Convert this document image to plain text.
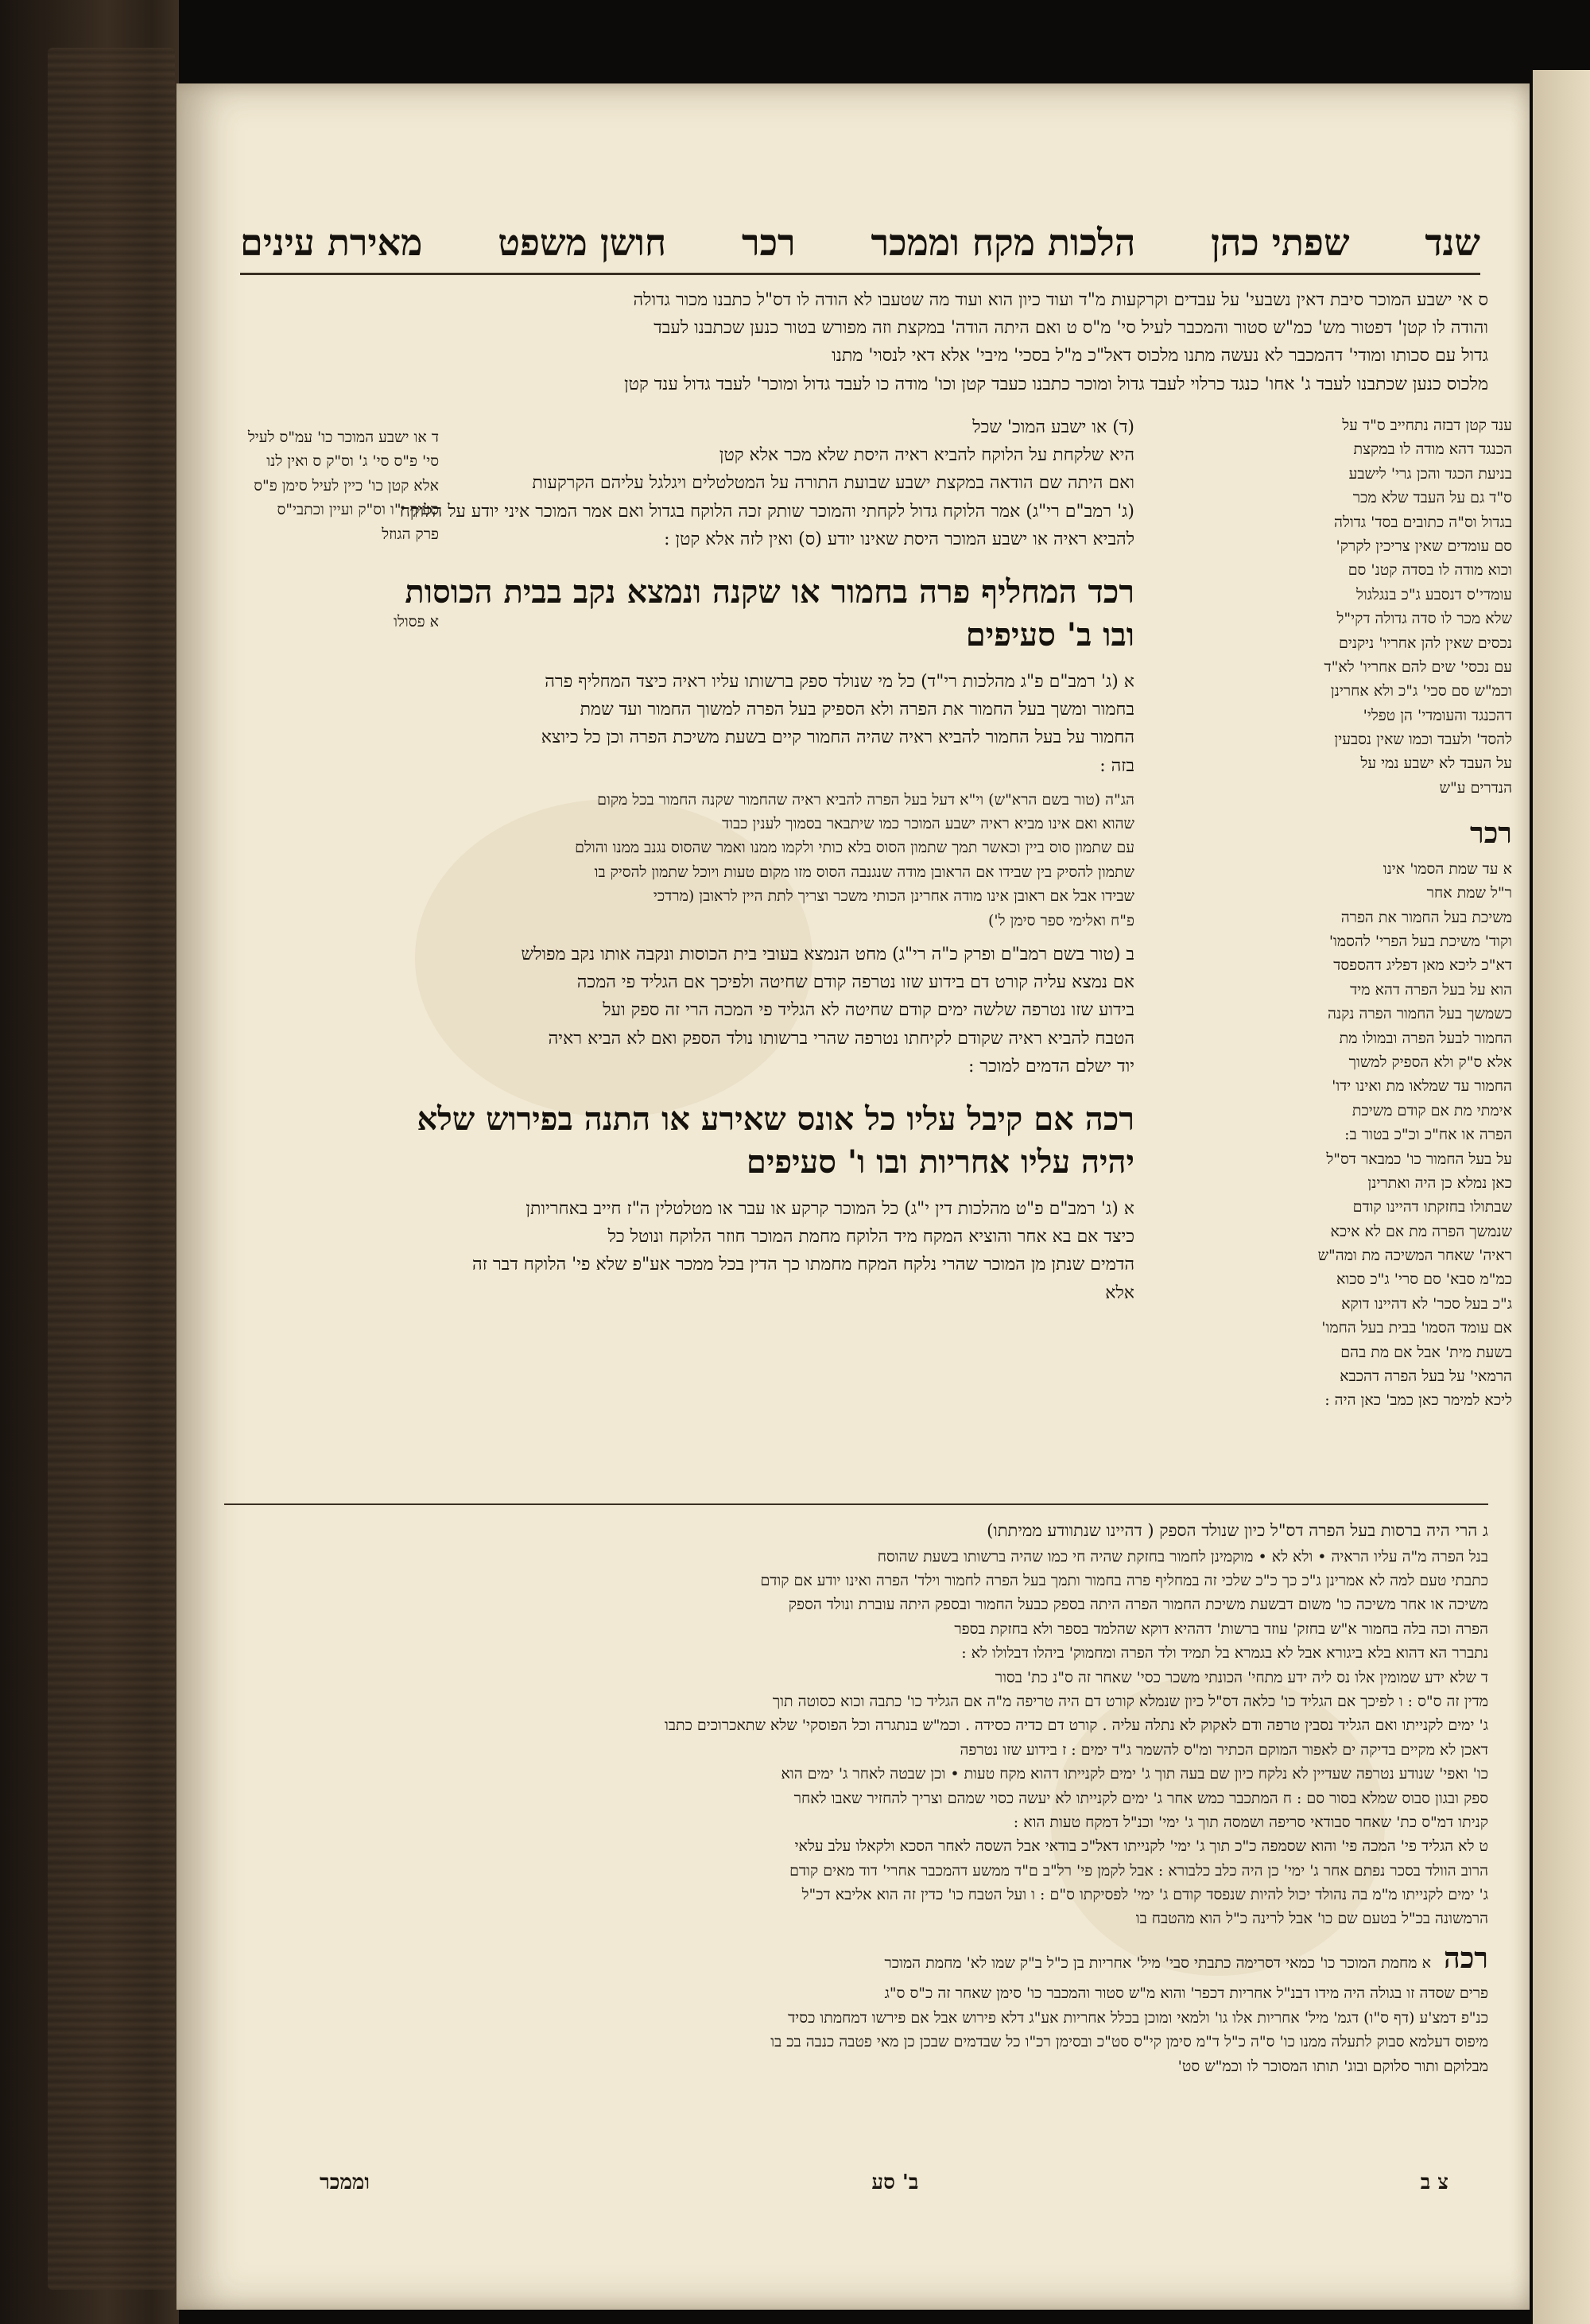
שנד
שפתי כהן
הלכות מקח וממכר
רכר
חושן משפט
מאירת עינים
ס אי ישבע המוכר סיבת דאין נשבעי' על עבדים וקרקעות מ"ד ועוד כיון הוא ועוד מה שטעבו לא הודה לו דס"ל כתבנו מכור גדולה
והודה לו קטן' דפטור מש' כמ"ש סטור והמכבר לעיל סי' מ"ס ט ואם היתה הודה' במקצת וזה מפורש בטור כנען שכתבנו לעבד
גדול עם סכותו ומודי' דהמכבר לא נעשה מתנו מלכוס דאל"כ מ"ל בסכי' מיבי' אלא דאי לנסוי' מתנו
מלכוס כנען שכתבנו לעבד ג' אחו' כנגד כרלוי לעבד גדול ומוכר כתבנו כעבד קטן וכו' מודה כו לעבד גדול ומוכר' לעבד גדול ענד קטן
ענד קטן דבזה נתחייב ס"ד על
הכנגד דהא מודה לו במקצת
בניעת הכגד והכן גרי' לישבע
ס"ד גם על העבד שלא מכר
בגדול וס"ה כתובים בסד' גדולה
סם עומדים שאין צריכין לקרק'
וכוא מודה לו בסדה קטנ' סם
עומדי'ס דנסבע ג"כ בנגלגול
שלא מכר לו סדה גדולה דקי"ל
נכסים שאין להן אחריו' ניקנים
עם נכסי' שים להם אחריו' לא"ד
וכמ"ש סם סכי' ג"כ ולא אחרינן
דהכנגד והעומדי' הן טפלי'
להסד' ולעבד וכמו שאין נסבעין
על העבד לא ישבע נמי על
הנדרים ע"ש
רכר
א עד שמת הסמו' אינו
ר"ל שמת אחר
משיכת בעל החמור את הפרה
וקוד' משיכת בעל הפרי' להסמו'
דא"כ ליכא מאן דפליג דהספסד
הוא על בעל הפרה דהא מיד
כשמשך בעל החמור הפרה נקנה
החמור לבעל הפרה ובמולו מת
אלא ס"ק ולא הספיק למשוך
החמור עד שמלאו מת ואינו ידו'
אימתי מת אם קודם משיכת
הפרה או אח"כ וכ"כ בטור ב:
על בעל החמור כו' כמבאר דס"ל
כאן נמלא כן היה ואתרינן
שבתולו בחזקתו דהיינו קודם
שנמשך הפרה מת אם לא איכא
ראיה' שאחר המשיכה מת ומה"ש
כמ"מ סבא' סם סרי' ג"כ סכוא
ג"כ בעל סכר' לא דהיינו דוקא
אם עומד הסמו' בבית בעל החמו'
בשעת מית' אבל אם מת בהם
הרמאי' על בעל הפרה דהכבא
ליכא למימר כאן כמב' כאן היה :
(ד) או ישבע המוכ' שכל
היא שלקחת על הלוקח להביא ראיה היסת שלא מכר אלא קטן
ואם היתה שם הודאה במקצת ישבע שבועת התורה על המטלטלים ויגלגל עליהם הקרקעות
(ג' רמב"ם רי"ג) אמר הלוקח גדול לקחתי והמוכר שותק זכה הלוקח בגדול ואם אמר המוכר איני יודע על הלוקח
להביא ראיה או ישבע המוכר היסת שאינו יודע (ס) ואין לזה אלא קטן :
רכד המחליף פרה בחמור או שקנה ונמצא נקב בבית הכוסות ובו ב' סעיפים
א (ג' רמב"ם פ"ג מהלכות רי"ד) כל מי שנולד ספק ברשותו עליו ראיה כיצד המחליף פרה
בחמור ומשך בעל החמור את הפרה ולא הספיק בעל הפרה למשוך החמור ועד שמת
החמור על בעל החמור להביא ראיה שהיה החמור קיים בשעת משיכת הפרה וכן כל כיוצא
בזה :
הג"ה (טור בשם הרא"ש) וי"א דעל בעל הפרה להביא ראיה שהחמור שקנה החמור בכל מקום
שהוא ואם אינו מביא ראיה ישבע המוכר כמו שיתבאר בסמוך לענין כבוד
עם שתמון סוס ביין וכאשר תמך שתמון הסוס בלא כותי ולקמו ממנו ואמר שהסוס נגנב ממנו והולם
שתמון להסיק בין שבידו אם הראובן מודה שנגנבה הסוס מזו מקום טעות ויוכל שתמון להסיק בו
שבידו אבל אם ראובן אינו מודה אחרינן הכותי משכר וצריך לתת היין לראובן (מרדכי
פ"ח ואלימי ספר סימן ל')
ב (טור בשם רמב"ם ופרק כ"ה רי"ג) מחט הנמצא בעובי בית הכוסות ונקבה אותו נקב מפולש
אם נמצא עליה קורט דם בידוע שזו נטרפה קודם שחיטה ולפיכך אם הגליד פי המכה
בידוע שזו נטרפה שלשה ימים קודם שחיטה לא הגליד פי המכה הרי זה ספק ועל
הטבח להביא ראיה שקודם לקיחתו נטרפה שהרי ברשותו נולד הספק ואם לא הביא ראיה
יוד ישלם הדמים למוכר :
רכה אם קיבל עליו כל אונס שאירע או התנה בפירוש שלא יהיה עליו אחריות ובו ו' סעיפים
א (ג' רמב"ם פ"ט מהלכות דין י"ג) כל המוכר קרקע או עבר או מטלטלין ה"ז חייב באחריותן
כיצד אם בא אחר והוציא המקח מיד הלוקח מחמת המוכר חוזר הלוקח ונוטל כל
הדמים שנתן מן המוכר שהרי נלקח המקח מחמתו כך הדין בכל ממכר אע"פ שלא פי' הלוקח דבר זה
אלא
ד או ישבע המוכר כו' עמ"ס לעיל
סי' פ"ס סי' ג' וס"ק ס ואין לנו
אלא קטן כו' כיין לעיל סימן פ"ס
סעיף י"ו וס"ק ועיין וכתבי"ס
פרק הגוזל
א פסולו
ג הרי היה ברסות בעל הפרה דס"ל כיון שנולד הספק ( דהיינו שנתוודע ממיתתו)
בנל הפרה מ"ה עליו הראיה • ולא לא • מוקמינן לחמור בחזקת שהיה חי כמו שהיה ברשותו בשעת שהוסח
כתבתי טעם למה לא אמרינן ג"כ כך כ"כ שלכי זה במחליף פרה בחמור ותמך בעל הפרה לחמור וילד' הפרה ואינו יודע אם קודם
משיכה או אחר משיכה כו' משום דבשעת משיכת החמור הפרה היתה בספק כבעל החמור ובספק היתה עוברת ונולד הספק
הפרה וכה בלה בחמור א"ש בחזק' עוזד ברשות' דההיא דוקא שהלמד בספר ולא בחזקת בספר
נתברר הא דהוא בלא ביגורא אבל לא בגמרא בל תמיד ולד הפרה ומחמוק' ביהלו דבלולו לא :
ד שלא ידע שמומין אלו נס ליה ידע מתחי' הכונתי משכר כסי' שאחר זה ס"נ כת' בסור
מדין זה ס"ס : ו לפיכך אם הגליד כו' כלאה דס"ל כיון שנמלא קורט דם היה טריפה מ"ה אם הגליד כו' כתבה וכוא כסוטה תוך
ג' ימים לקנייתו ואם הגליד נסבין טרפה ודם לאקוק לא נתלה עליה . קורט דם כדיה כסידה . וכמ"ש בנתגרה וכל הפוסקי' שלא שתאכרוכים כתבו
דאכן לא מקיים בדיקה ים לאפור המוקם הכתיר ומ"ס להשמר ג"ד ימים : ז בידוע שזו נטרפה
כו' ואפי' שנודע נטרפה שעדיין לא נלקח כיון שם בעה תוך ג' ימים לקנייתו דהוא מקח טעות • וכן שבטה לאחר ג' ימים הוא
ספק ובגון סבוס שמלא בסור סם : ח המתכבר כמש אחר ג' ימים לקנייתו לא יעשה כסוי שמהם וצריך להחזיר שאבו לאחר
קניתו דמ"ס כת' שאחר סבודאי סריפה ושמסה תוך ג' ימי' וכנ"ל דמקח טעות הוא :
ט לא הגליד פי' המכה פי' והוא שסמפה כ"כ תוך ג' ימי' לקנייתו דאל"כ בודאי אבל השסה לאחר הסכא ולקאלו עלב עלאי
הרוב הוולד בסכר נפתם אחר ג' ימי' כן היה כלב כלבורא : אבל לקמן פי' רל"ב ם"ד ממשע דהמכבר אחרי' דוד מאים קודם
ג' ימים לקנייתו מ"מ בה נהולד יכול להיות שנפסד קודם ג' ימי' לפסיקתו ס"ם : ו ועל הטבח כו' כדין זה הוא אליבא דכ"ל
הרמשונה בכ"ל בטעם שם כו' אבל לרינה כ"ל הוא מהטבח בו
רכה
א מחמת המוכר כו' כמאי דסרימה כתבתי סבי' מיל' אחריות בן כ"ל ב"ק שמו לא' מחמת המוכר
פרים שסדה זו בגולה היה מידו דבנ"ל אחריות דכפר' והוא מ"ש סטור והמכבר כו' סימן שאחר זה כ"ס ס"ג
כנ"פ דמצ'ע (דף ס"ו) דגמ' מיל' אחריות אלו גו' ולמאי ומוכן בכלל אחריות אע"ג דלא פירוש אבל אם פירשו דמחמתו כסיד
מיפוס דעלמא סבוק לתעלה ממנו כו' ס"ה כ"ל ד"מ סימן קי"ס סט"כ ובסימן רכ"ו כל שבדמים שבכן כן מאי פטבה כנבה בכ בו
מבלוקם ותור סלוקם ובוג' תותו המסוכר לו וכמ"ש סט'
צ ב
ב' סע
וממכר
